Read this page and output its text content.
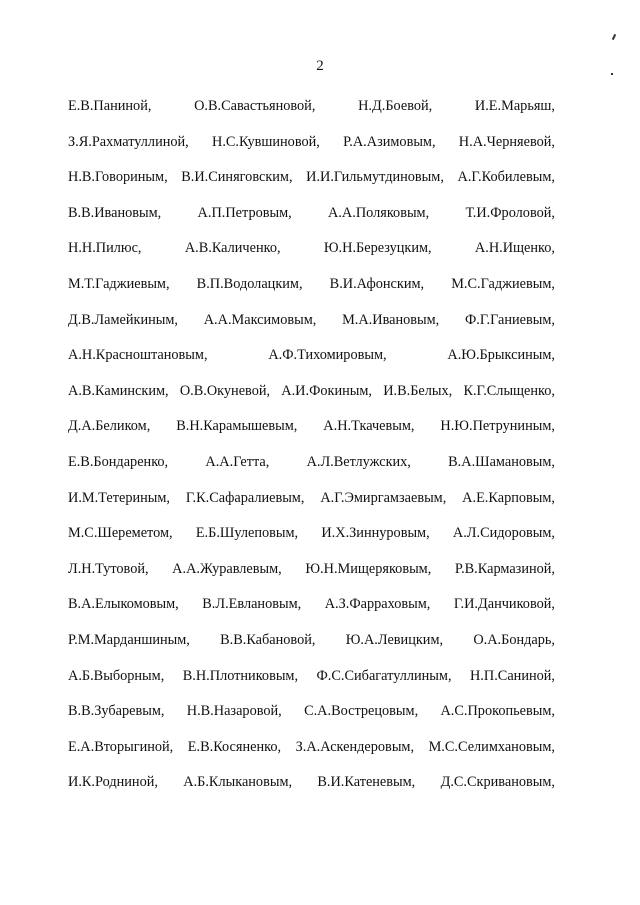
2
Е.В.Паниной,	О.В.Савастьяновой,	Н.Д.Боевой,	И.Е.Марьяш,
З.Я.Рахматуллиной, Н.С.Кувшиновой, Р.А.Азимовым, Н.А.Черняевой,
Н.В.Говориным, В.И.Синяговским, И.И.Гильмутдиновым, А.Г.Кобилевым,
В.В.Ивановым,	А.П.Петровым,	А.А.Поляковым,	Т.И.Фроловой,
Н.Н.Пилюс,	А.В.Каличенко,	Ю.Н.Березуцким,	А.Н.Ищенко,
М.Т.Гаджиевым, В.П.Водолацким, В.И.Афонским, М.С.Гаджиевым,
Д.В.Ламейкиным, А.А.Максимовым, М.А.Ивановым, Ф.Г.Ганиевым,
А.Н.Краснoштановым,	А.Ф.Тихомировым,	А.Ю.Брыксиным,
А.В.Каминским, О.В.Окуневой, А.И.Фокиным, И.В.Белых, К.Г.Слыщенко,
Д.А.Беликом, В.Н.Карамышевым, А.Н.Ткачевым, Н.Ю.Петруниным,
Е.В.Бондаренко,	А.А.Гетта,	А.Л.Ветлужских,	В.А.Шамановым,
И.М.Тетериным, Г.К.Сафаралиевым, А.Г.Эмиргамзаевым, А.Е.Карповым,
М.С.Шереметом, Е.Б.Шулеповым, И.Х.Зиннуровым, А.Л.Сидоровым,
Л.Н.Тутовой, А.А.Журавлевым, Ю.Н.Мищеряковым, Р.В.Кармазиной,
В.А.Елыкомовым, В.Л.Евлановым, А.З.Фарраховым, Г.И.Данчиковой,
Р.М.Марданшиным, В.В.Кабановой, Ю.А.Левицким, О.А.Бондарь,
А.Б.Выборным, В.Н.Плотниковым, Ф.С.Сибагатуллиным, Н.П.Саниной,
В.В.Зубаревым, Н.В.Назаровой, С.А.Вострецовым, А.С.Прокопьевым,
Е.А.Вторыгиной, Е.В.Косяненко, З.А.Аскендеровым, М.С.Селимхановым,
И.К.Родниной, А.Б.Клыкановым, В.И.Катеневым, Д.С.Скривановым,
